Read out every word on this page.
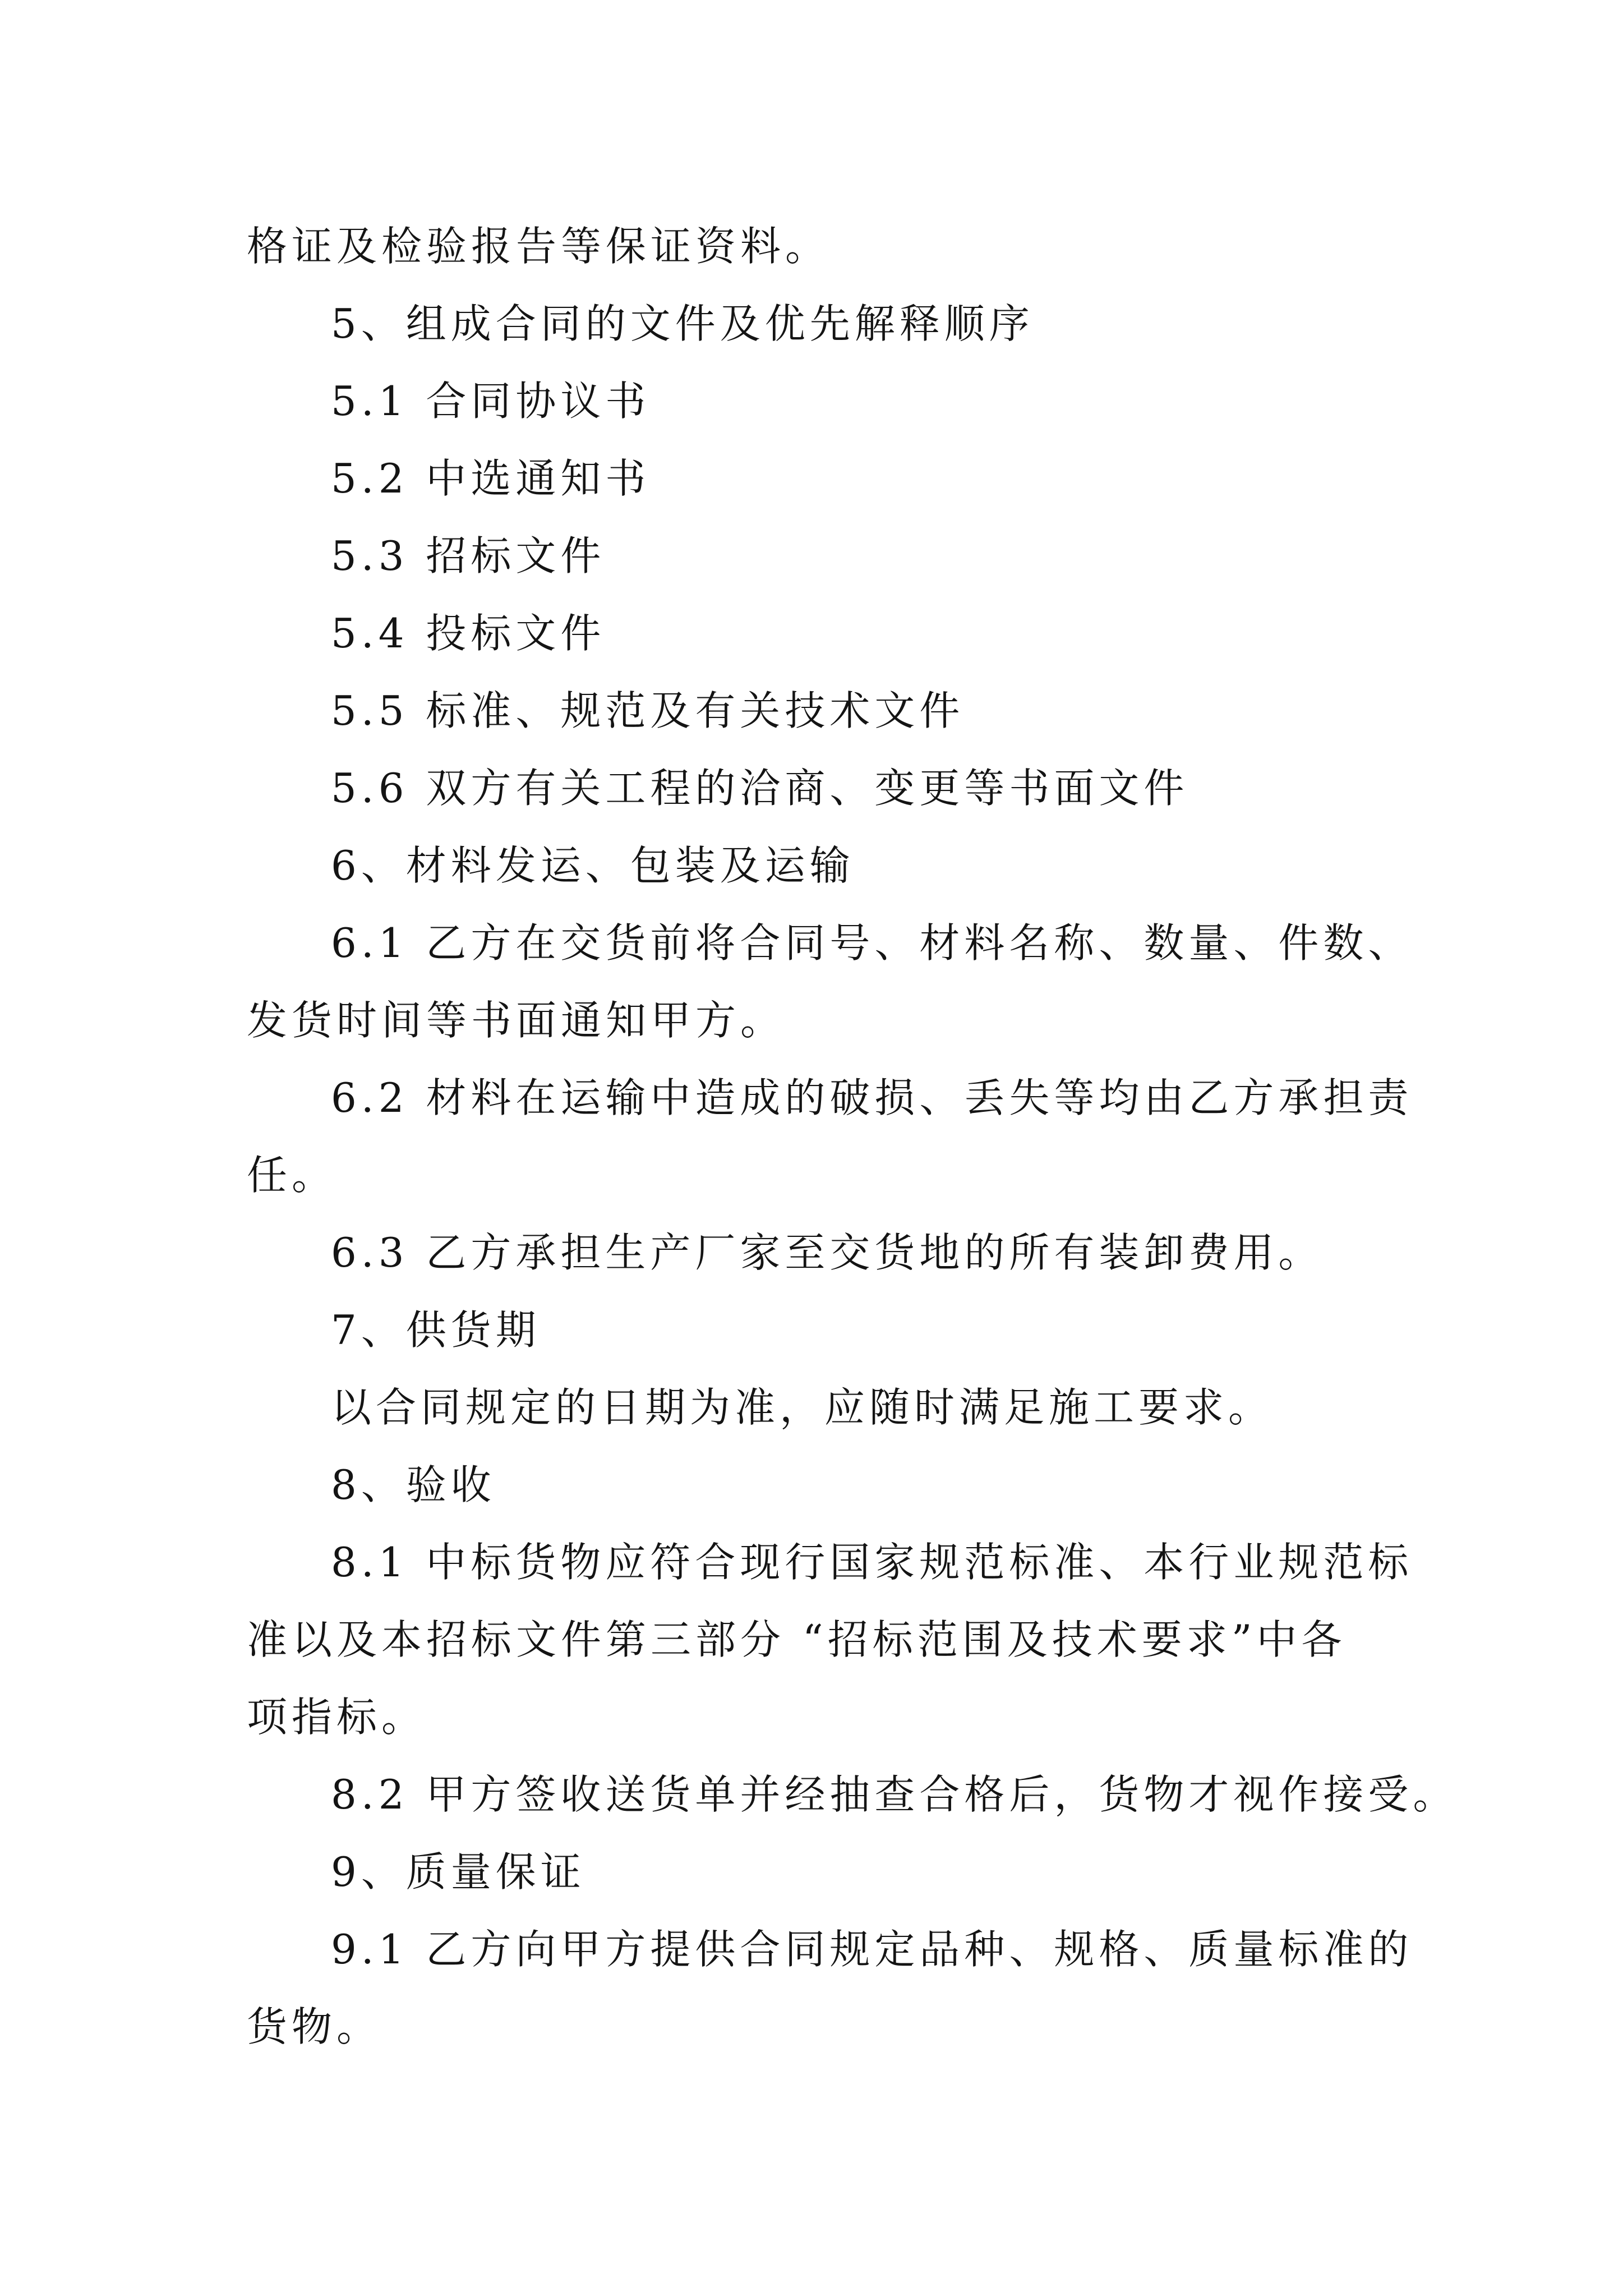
格证及检验报告等保证资料。
5、组成合同的文件及优先解释顺序
5.1 合同协议书
5.2 中选通知书
5.3 招标文件
5.4 投标文件
5.5 标准、规范及有关技术文件
5.6 双方有关工程的洽商、变更等书面文件
6、材料发运、包装及运输
6.1 乙方在交货前将合同号、材料名称、数量、件数、
发货时间等书面通知甲方。
6.2 材料在运输中造成的破损、丢失等均由乙方承担责
任。
6.3 乙方承担生产厂家至交货地的所有装卸费用。
7、供货期
以合同规定的日期为准，应随时满足施工要求。
8、验收
8.1 中标货物应符合现行国家规范标准、本行业规范标
准以及本招标文件第三部分 “招标范围及技术要求”中各
项指标。
8.2 甲方签收送货单并经抽查合格后，货物才视作接受。
9、质量保证
9.1 乙方向甲方提供合同规定品种、规格、质量标准的
货物。
